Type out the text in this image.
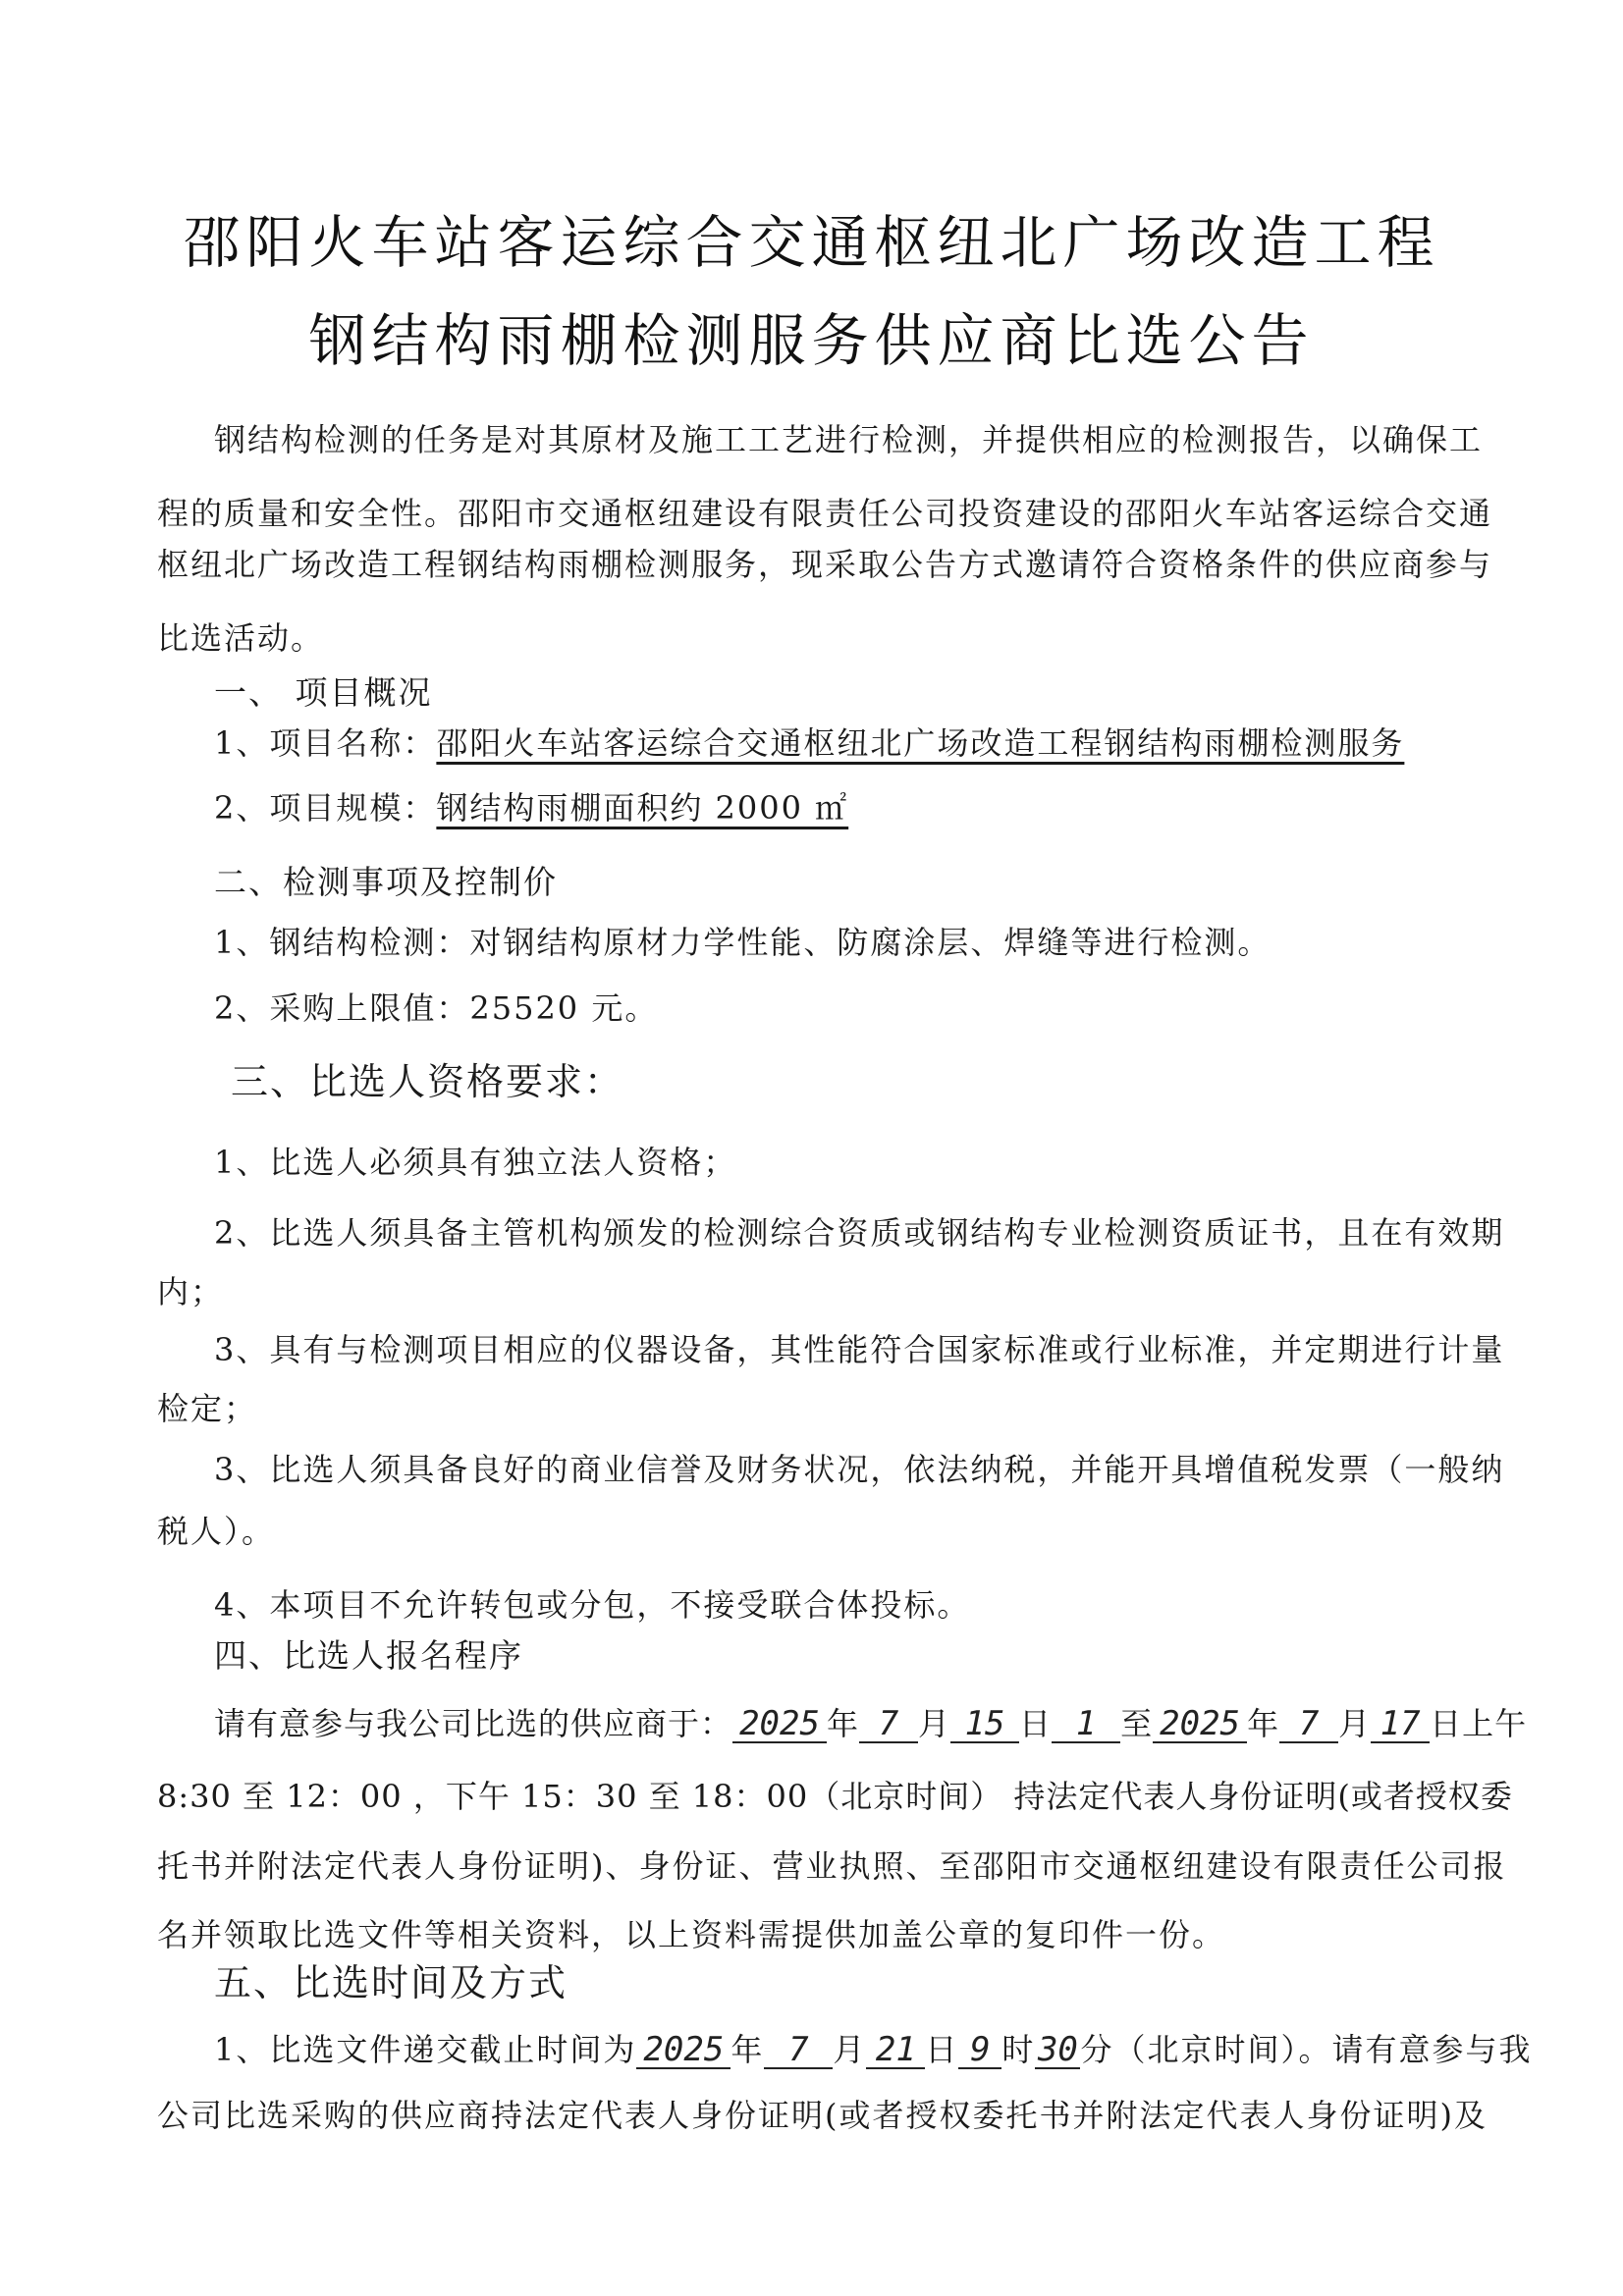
邵阳火车站客运综合交通枢纽北广场改造工程
钢结构雨棚检测服务供应商比选公告
钢结构检测的任务是对其原材及施工工艺进行检测，并提供相应的检测报告，以确保工
程的质量和安全性。邵阳市交通枢纽建设有限责任公司投资建设的邵阳火车站客运综合交通
枢纽北广场改造工程钢结构雨棚检测服务，现采取公告方式邀请符合资格条件的供应商参与
比选活动。
一、 项目概况
1、项目名称：邵阳火车站客运综合交通枢纽北广场改造工程钢结构雨棚检测服务
2、项目规模：钢结构雨棚面积约 2000 ㎡
二、检测事项及控制价
1、钢结构检测：对钢结构原材力学性能、防腐涂层、焊缝等进行检测。
2、采购上限值：25520 元。
三、比选人资格要求：
1、比选人必须具有独立法人资格；
2、比选人须具备主管机构颁发的检测综合资质或钢结构专业检测资质证书，且在有效期
内；
3、具有与检测项目相应的仪器设备，其性能符合国家标准或行业标准，并定期进行计量
检定；
3、比选人须具备良好的商业信誉及财务状况，依法纳税，并能开具增值税发票（一般纳
税人）。
4、本项目不允许转包或分包，不接受联合体投标。
四、比选人报名程序
请有意参与我公司比选的供应商于： 2025 年 7 月 15 日 1 至 2025 年 7 月 17 日上午
8:30 至 12：00 ，下午 15：30 至 18：00（北京时间） 持法定代表人身份证明(或者授权委
托书并附法定代表人身份证明)、身份证、营业执照、至邵阳市交通枢纽建设有限责任公司报
名并领取比选文件等相关资料，以上资料需提供加盖公章的复印件一份。
五、比选时间及方式
1、比选文件递交截止时间为 2025 年 7 月 21 日 9 时30分（北京时间）。请有意参与我
公司比选采购的供应商持法定代表人身份证明(或者授权委托书并附法定代表人身份证明)及
